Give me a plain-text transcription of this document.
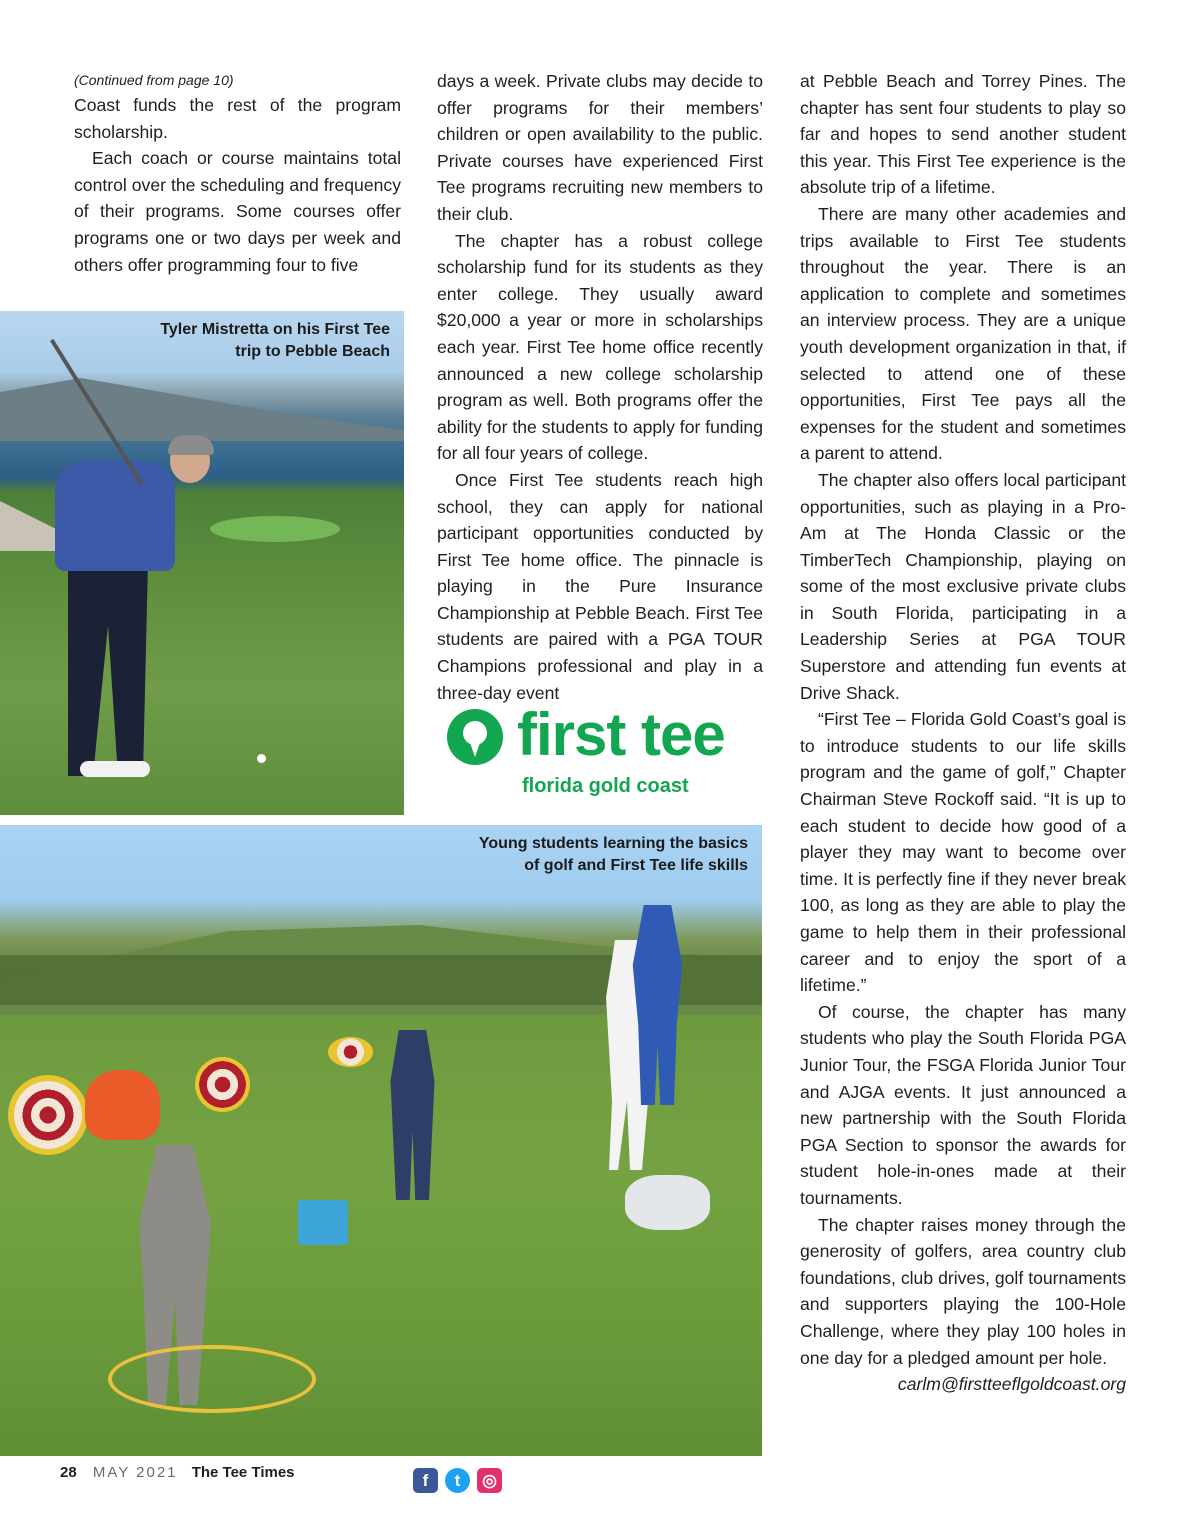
(Continued from page 10)

Coast funds the rest of the program scholarship.

Each coach or course maintains total control over the scheduling and frequency of their programs. Some courses offer programs one or two days per week and others offer programming four to five

days a week. Private clubs may decide to offer programs for their members’ children or open availability to the public. Private courses have experienced First Tee programs recruiting new members to their club.

The chapter has a robust college scholarship fund for its students as they enter college. They usually award $20,000 a year or more in scholarships each year. First Tee home office recently announced a new college scholarship program as well. Both programs offer the ability for the students to apply for funding for all four years of college.

Once First Tee students reach high school, they can apply for national participant opportunities conducted by First Tee home office. The pinnacle is playing in the Pure Insurance Championship at Pebble Beach. First Tee students are paired with a PGA TOUR Champions professional and play in a three-day event

at Pebble Beach and Torrey Pines. The chapter has sent four students to play so far and hopes to send another student this year. This First Tee experience is the absolute trip of a lifetime.

There are many other academies and trips available to First Tee students throughout the year. There is an application to complete and sometimes an interview process. They are a unique youth development organization in that, if selected to attend one of these opportunities, First Tee pays all the expenses for the student and sometimes a parent to attend.

The chapter also offers local participant opportunities, such as playing in a Pro-Am at The Honda Classic or the TimberTech Championship, playing on some of the most exclusive private clubs in South Florida, participating in a Leadership Series at PGA TOUR Superstore and attending fun events at Drive Shack.

“First Tee – Florida Gold Coast’s goal is to introduce students to our life skills program and the game of golf,” Chapter Chairman Steve Rockoff said. “It is up to each student to decide how good of a player they may want to become over time. It is perfectly fine if they never break 100, as long as they are able to play the game to help them in their professional career and to enjoy the sport of a lifetime.”

Of course, the chapter has many students who play the South Florida PGA Junior Tour, the FSGA Florida Junior Tour and AJGA events. It just announced a new partnership with the South Florida PGA Section to sponsor the awards for student hole-in-ones made at their tournaments.

The chapter raises money through the generosity of golfers, area country club foundations, club drives, golf tournaments and supporters playing the 100-Hole Challenge, where they play 100 holes in one day for a pledged amount per hole.

carlm@firstteeflgoldcoast.org

Tyler Mistretta on his First Tee
trip to Pebble Beach
first tee
florida gold coast
Young students learning the basics
of golf and First Tee life skills
28 MAY 2021 The Tee Times	f	t	◎
